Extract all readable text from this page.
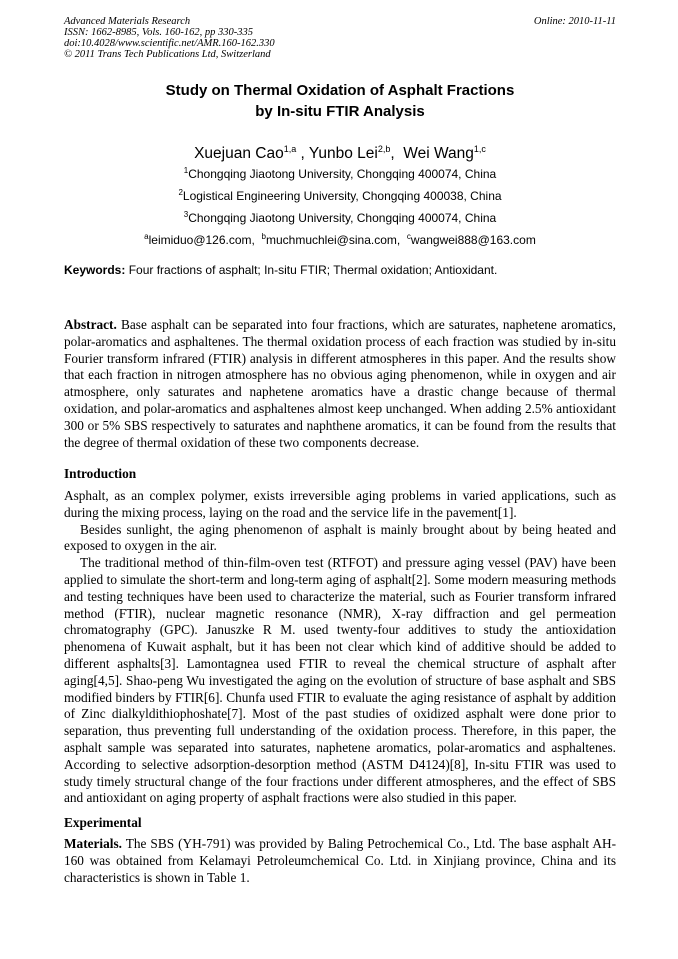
Advanced Materials Research
ISSN: 1662-8985, Vols. 160-162, pp 330-335
doi:10.4028/www.scientific.net/AMR.160-162.330
© 2011 Trans Tech Publications Ltd, Switzerland
Online: 2010-11-11
Study on Thermal Oxidation of Asphalt Fractions
by In-situ FTIR Analysis
Xuejuan Cao$^{1,a}$ , Yunbo Lei$^{2,b}$,  Wei Wang$^{1,c}$
$^1$Chongqing Jiaotong University, Chongqing 400074, China
$^2$Logistical Engineering University, Chongqing 400038, China
$^3$Chongqing Jiaotong University, Chongqing 400074, China
$^a$leimiduo@126.com, $^b$muchmuchlei@sina.com, $^c$wangwei888@163.com
Keywords: Four fractions of asphalt; In-situ FTIR; Thermal oxidation; Antioxidant.
Abstract. Base asphalt can be separated into four fractions, which are saturates, naphetene aromatics, polar-aromatics and asphaltenes. The thermal oxidation process of each fraction was studied by in-situ Fourier transform infrared (FTIR) analysis in different atmospheres in this paper. And the results show that each fraction in nitrogen atmosphere has no obvious aging phenomenon, while in oxygen and air atmosphere, only saturates and naphetene aromatics have a drastic change because of thermal oxidation, and polar-aromatics and asphaltenes almost keep unchanged. When adding 2.5% antioxidant 300 or 5% SBS respectively to saturates and naphthene aromatics, it can be found from the results that the degree of thermal oxidation of these two components decrease.
Introduction

Asphalt, as an complex polymer, exists irreversible aging problems in varied applications, such as during the mixing process, laying on the road and the service life in the pavement[1].

Besides sunlight, the aging phenomenon of asphalt is mainly brought about by being heated and exposed to oxygen in the air.

The traditional method of thin-film-oven test (RTFOT) and pressure aging vessel (PAV) have been applied to simulate the short-term and long-term aging of asphalt[2]. Some modern measuring methods and testing techniques have been used to characterize the material, such as Fourier transform infrared method (FTIR), nuclear magnetic resonance (NMR), X-ray diffraction and gel permeation chromatography (GPC). Januszke R M. used twenty-four additives to study the antioxidation phenomena of Kuwait asphalt, but it has been not clear which kind of additive should be added to different asphalts[3]. Lamontagnea used FTIR to reveal the chemical structure of asphalt after aging[4,5]. Shao-peng Wu investigated the aging on the evolution of structure of base asphalt and SBS modified binders by FTIR[6]. Chunfa used FTIR to evaluate the aging resistance of asphalt by addition of Zinc dialkyldithiophoshate[7]. Most of the past studies of oxidized asphalt were done prior to separation, thus preventing full understanding of the oxidation process. Therefore, in this paper, the asphalt sample was separated into saturates, naphetene aromatics, polar-aromatics and asphaltenes. According to selective adsorption-desorption method (ASTM D4124)[8], In-situ FTIR was used to study timely structural change of the four fractions under different atmospheres, and the effect of SBS and antioxidant on aging property of asphalt fractions were also studied in this paper.

Experimental
Materials. The SBS (YH-791) was provided by Baling Petrochemical Co., Ltd. The base asphalt AH-160 was obtained from Kelamayi Petroleumchemical Co. Ltd. in Xinjiang province, China and its characteristics is shown in Table 1.
